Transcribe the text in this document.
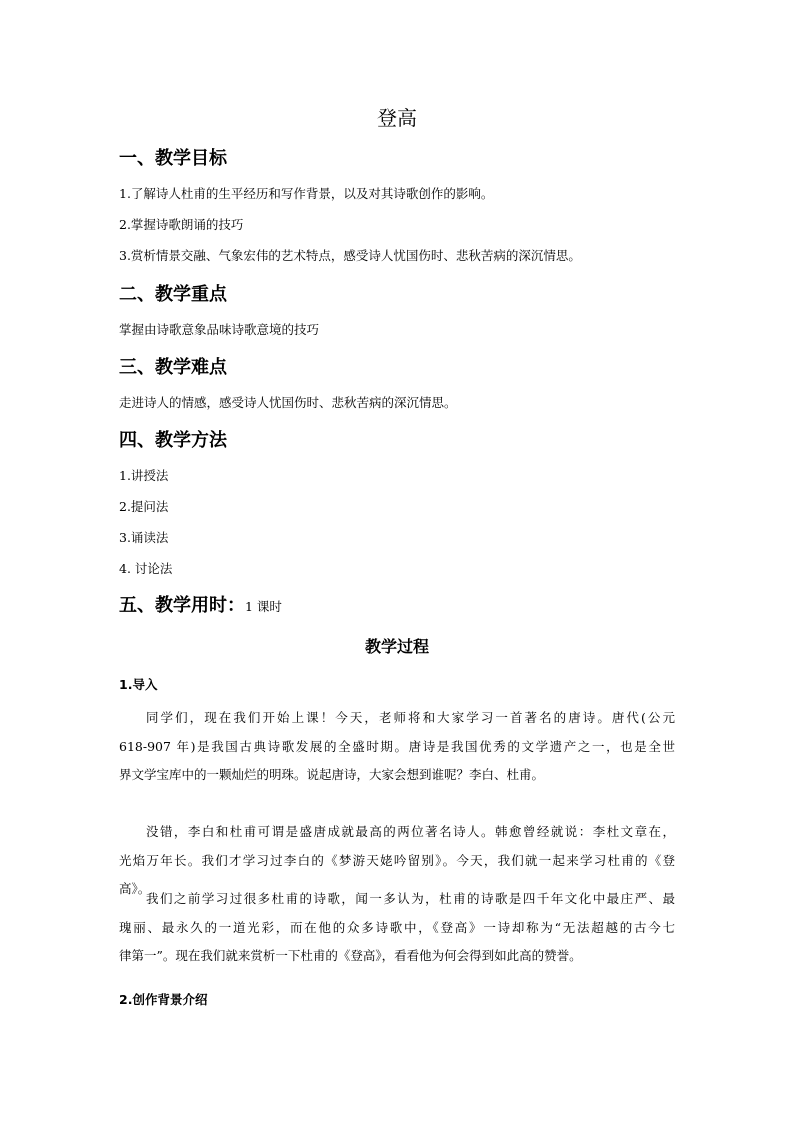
登高
一、教学目标
1.了解诗人杜甫的生平经历和写作背景，以及对其诗歌创作的影响。
2.掌握诗歌朗诵的技巧
3.赏析情景交融、气象宏伟的艺术特点，感受诗人忧国伤时、悲秋苦病的深沉情思。
二、教学重点
掌握由诗歌意象品味诗歌意境的技巧
三、教学难点
走进诗人的情感，感受诗人忧国伤时、悲秋苦病的深沉情思。
四、教学方法
1.讲授法
2.提问法
3.诵读法
4. 讨论法
五、教学用时：1 课时
教学过程
1.导入
同学们，现在我们开始上课！今天，老师将和大家学习一首著名的唐诗。唐代(公元
618-907 年)是我国古典诗歌发展的全盛时期。唐诗是我国优秀的文学遗产之一，也是全世
界文学宝库中的一颗灿烂的明珠。说起唐诗，大家会想到谁呢？李白、杜甫。
没错，李白和杜甫可谓是盛唐成就最高的两位著名诗人。韩愈曾经就说：李杜文章在，
光焰万年长。我们才学习过李白的《梦游天姥吟留别》。今天，我们就一起来学习杜甫的《登
高》。
我们之前学习过很多杜甫的诗歌，闻一多认为，杜甫的诗歌是四千年文化中最庄严、最
瑰丽、最永久的一道光彩，而在他的众多诗歌中，《登高》一诗却称为“无法超越的古今七
律第一”。现在我们就来赏析一下杜甫的《登高》，看看他为何会得到如此高的赞誉。
2.创作背景介绍
